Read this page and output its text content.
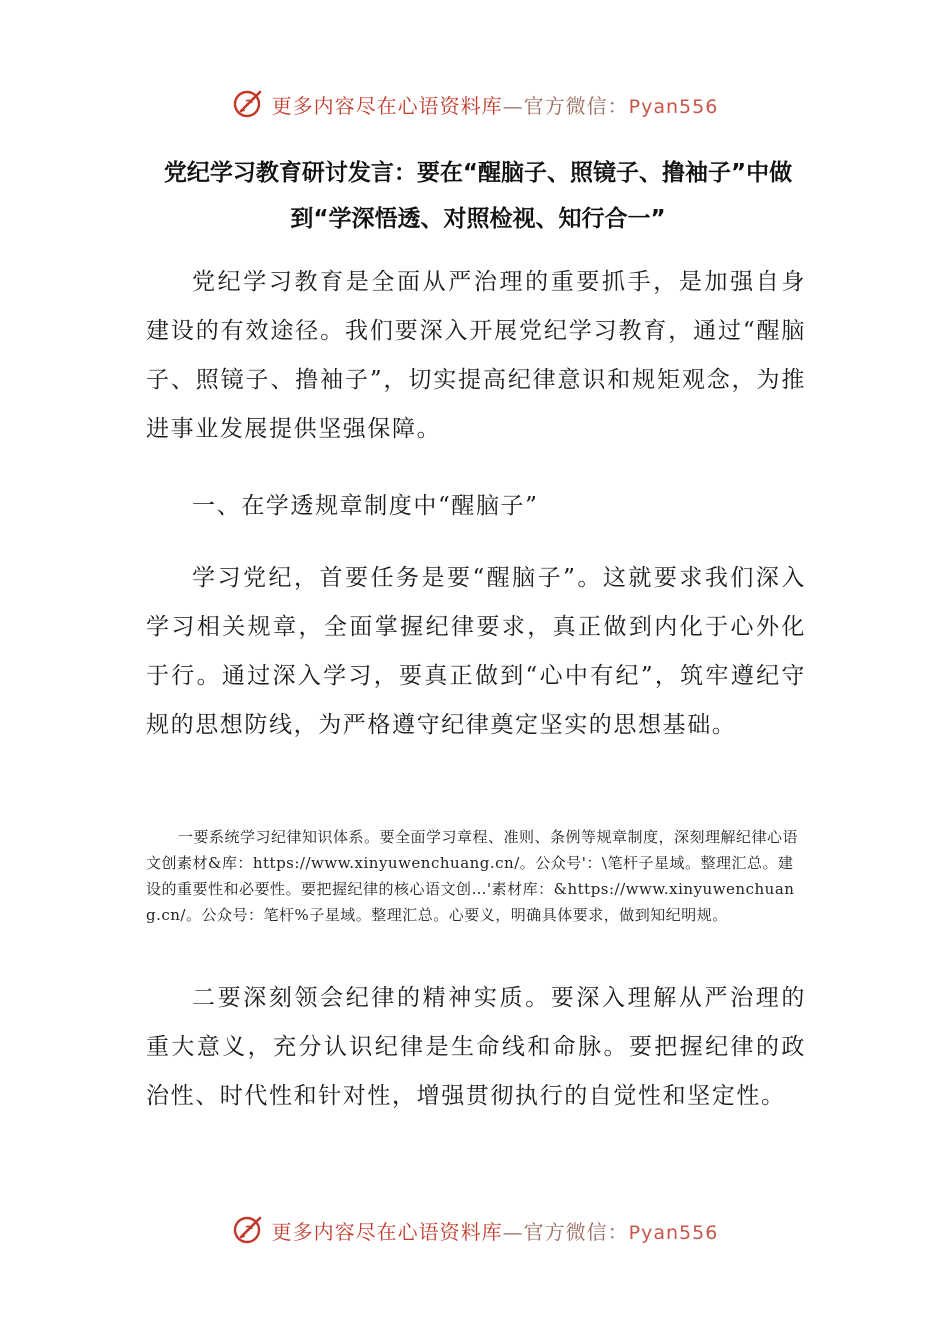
更多内容尽在心语资料库—官方微信：Pyan556
党纪学习教育研讨发言：要在“醒脑子、照镜子、撸袖子”中做到“学深悟透、对照检视、知行合一”

党纪学习教育是全面从严治理的重要抓手，是加强自身建设的有效途径。我们要深入开展党纪学习教育，通过“醒脑子、照镜子、撸袖子”，切实提高纪律意识和规矩观念，为推进事业发展提供坚强保障。

一、在学透规章制度中“醒脑子”

学习党纪，首要任务是要“醒脑子”。这就要求我们深入学习相关规章，全面掌握纪律要求，真正做到内化于心外化于行。通过深入学习，要真正做到“心中有纪”，筑牢遵纪守规的思想防线，为严格遵守纪律奠定坚实的思想基础。

一要系统学习纪律知识体系。要全面学习章程、准则、条例等规章制度，深刻理解纪律心语文创素材&库：https://www.xinyuwenchuang.cn/。公众号'：\笔杆子星域。整理汇总。建设的重要性和必要性。要把握纪律的核心语文创…'素材库：&https://www.xinyuwenchuang.cn/。公众号：笔杆%子星域。整理汇总。心要义，明确具体要求，做到知纪明规。

二要深刻领会纪律的精神实质。要深入理解从严治理的重大意义，充分认识纪律是生命线和命脉。要把握纪律的政治性、时代性和针对性，增强贯彻执行的自觉性和坚定性。

更多内容尽在心语资料库—官方微信：Pyan556
